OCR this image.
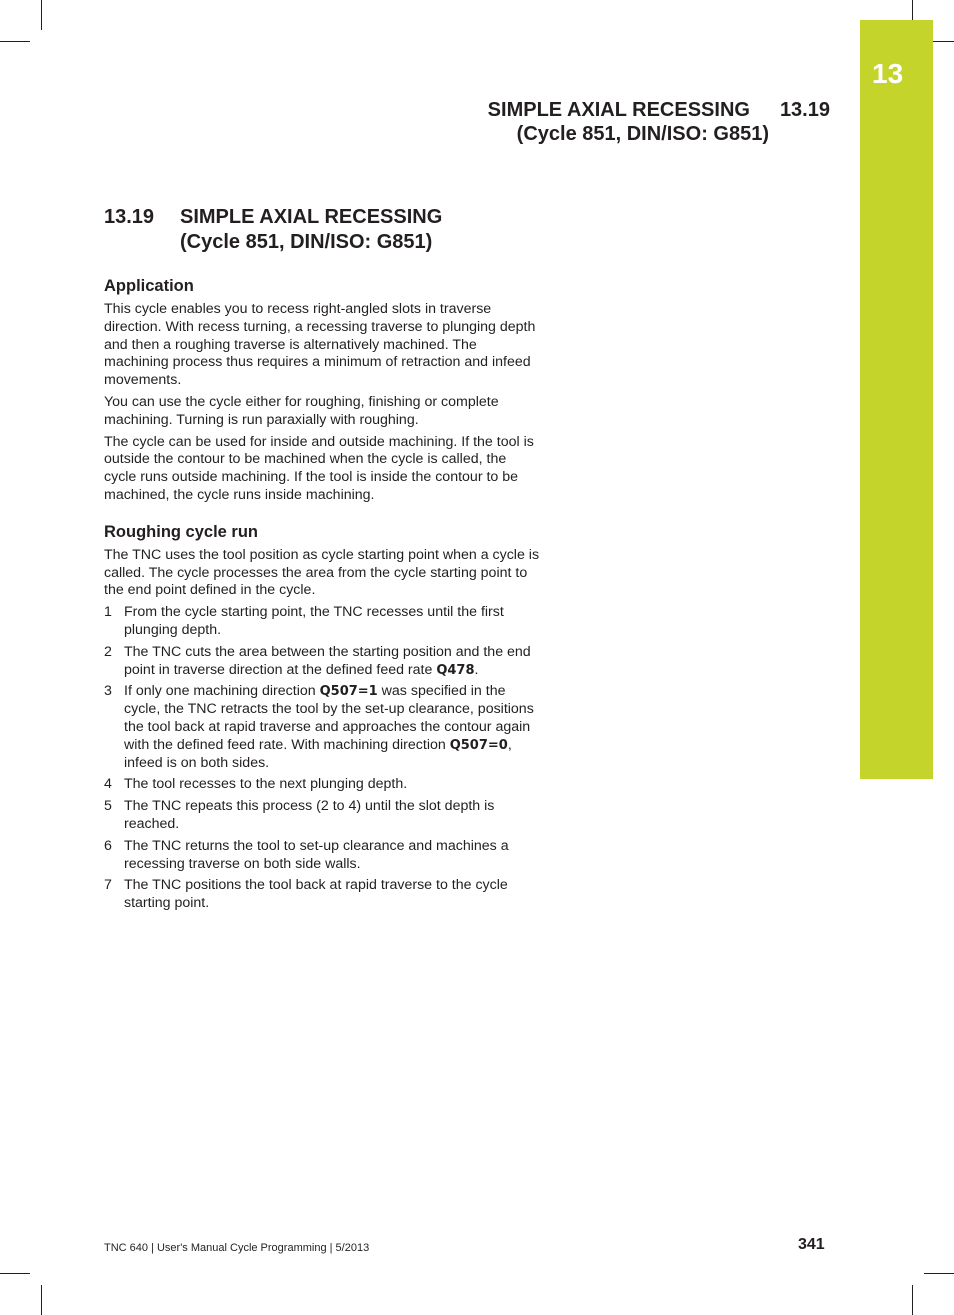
13
SIMPLE AXIAL RECESSING 13.19
(Cycle 851, DIN/ISO: G851)
13.19 SIMPLE AXIAL RECESSING
(Cycle 851, DIN/ISO: G851)
Application

This cycle enables you to recess right-angled slots in traverse direction. With recess turning, a recessing traverse to plunging depth and then a roughing traverse is alternatively machined. The machining process thus requires a minimum of retraction and infeed movements.

You can use the cycle either for roughing, finishing or complete machining. Turning is run paraxially with roughing.

The cycle can be used for inside and outside machining. If the tool is outside the contour to be machined when the cycle is called, the cycle runs outside machining. If the tool is inside the contour to be machined, the cycle runs inside machining.

Roughing cycle run

The TNC uses the tool position as cycle starting point when a cycle is called. The cycle processes the area from the cycle starting point to the end point defined in the cycle.

1 From the cycle starting point, the TNC recesses until the first plunging depth.
2 The TNC cuts the area between the starting position and the end point in traverse direction at the defined feed rate Q478.
3 If only one machining direction Q507=1 was specified in the cycle, the TNC retracts the tool by the set-up clearance, positions the tool back at rapid traverse and approaches the contour again with the defined feed rate. With machining direction Q507=0, infeed is on both sides.
4 The tool recesses to the next plunging depth.
5 The TNC repeats this process (2 to 4) until the slot depth is reached.
6 The TNC returns the tool to set-up clearance and machines a recessing traverse on both side walls.
7 The TNC positions the tool back at rapid traverse to the cycle starting point.
TNC 640 | User's Manual Cycle Programming | 5/2013	341
